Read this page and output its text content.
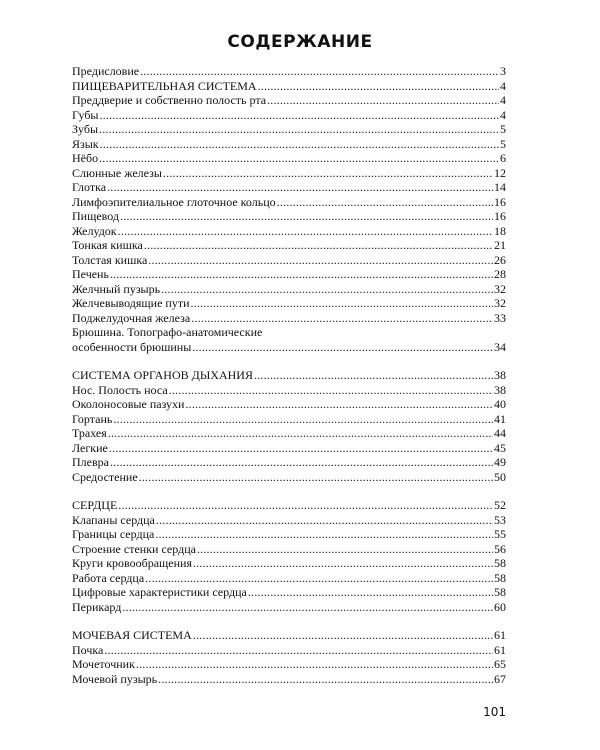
СОДЕРЖАНИЕ
Предисловие .....	3
ПИЩЕВАРИТЕЛЬНАЯ СИСТЕМА .....	4
Преддверие и собственно полость рта .....	4
Губы .....	4
Зубы .....	5
Язык .....	5
Нёбо .....	6
Слюнные железы .....	12
Глотка .....	14
Лимфоэпителиальное глоточное кольцо .....	16
Пищевод .....	16
Желудок .....	18
Тонкая кишка .....	21
Толстая кишка .....	26
Печень .....	28
Желчный пузырь .....	32
Желчевыводящие пути .....	32
Поджелудочная железа .....	33
Брюшина. Топографо-анатомические
особенности брюшины .....	34
СИСТЕМА ОРГАНОВ ДЫХАНИЯ .....	38
Нос. Полость носа .....	38
Околоносовые пазухи .....	40
Гортань .....	41
Трахея .....	44
Легкие .....	45
Плевра .....	49
Средостение .....	50
СЕРДЦЕ .....	52
Клапаны сердца .....	53
Границы сердца .....	55
Строение стенки сердца .....	56
Круги кровообращения .....	58
Работа сердца .....	58
Цифровые характеристики сердца .....	58
Перикард .....	60
МОЧЕВАЯ СИСТЕМА .....	61
Почка .....	61
Мочеточник .....	65
Мочевой пузырь .....	67
101
